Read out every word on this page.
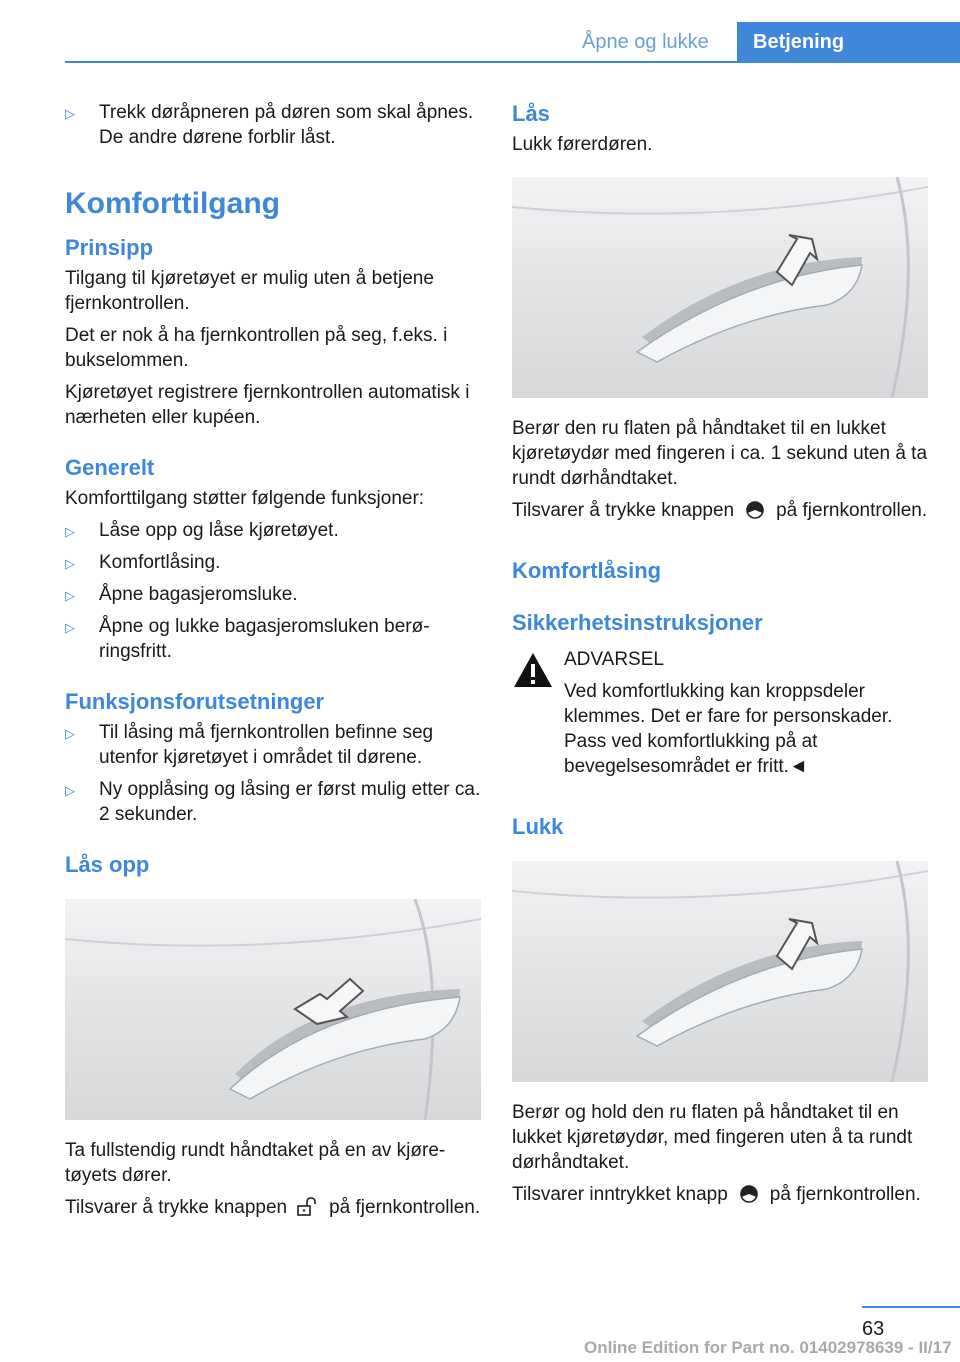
Åpne og lukke	Betjening
▷ Trekk døråpneren på døren som skal åpnes. De andre dørene forblir låst.
Komforttilgang
Prinsipp
Tilgang til kjøretøyet er mulig uten å betjene fjernkontrollen.
Det er nok å ha fjernkontrollen på seg, f.eks. i bukselommen.
Kjøretøyet registrere fjernkontrollen automatisk i nærheten eller kupéen.
Generelt
Komforttilgang støtter følgende funksjoner:
▷ Låse opp og låse kjøretøyet.
▷ Komfortlåsing.
▷ Åpne bagasjeromsluke.
▷ Åpne og lukke bagasjeromsluken berøringsfritt.
Funksjonsforutsetninger
▷ Til låsing må fjernkontrollen befinne seg utenfor kjøretøyet i området til dørene.
▷ Ny opplåsing og låsing er først mulig etter ca. 2 sekunder.
Lås opp
Ta fullstendig rundt håndtaket på en av kjøretøyets dører.
Tilsvarer å trykke knappen på fjernkontrollen.
Lås
Lukk førerdøren.
Berør den ru flaten på håndtaket til en lukket kjøretøydør med fingeren i ca. 1 sekund uten å ta rundt dørhåndtaket.
Tilsvarer å trykke knappen på fjernkontrollen.
Komfortlåsing
Sikkerhetsinstruksjoner
ADVARSEL
Ved komfortlukking kan kroppsdeler klemmes. Det er fare for personskader. Pass ved komfortlukking på at bevegelsesområdet er fritt.◄
Lukk
Berør og hold den ru flaten på håndtaket til en lukket kjøretøydør, med fingeren uten å ta rundt dørhåndtaket.
Tilsvarer inntrykket knapp på fjernkontrollen.
63
Online Edition for Part no. 01402978639 - II/17
